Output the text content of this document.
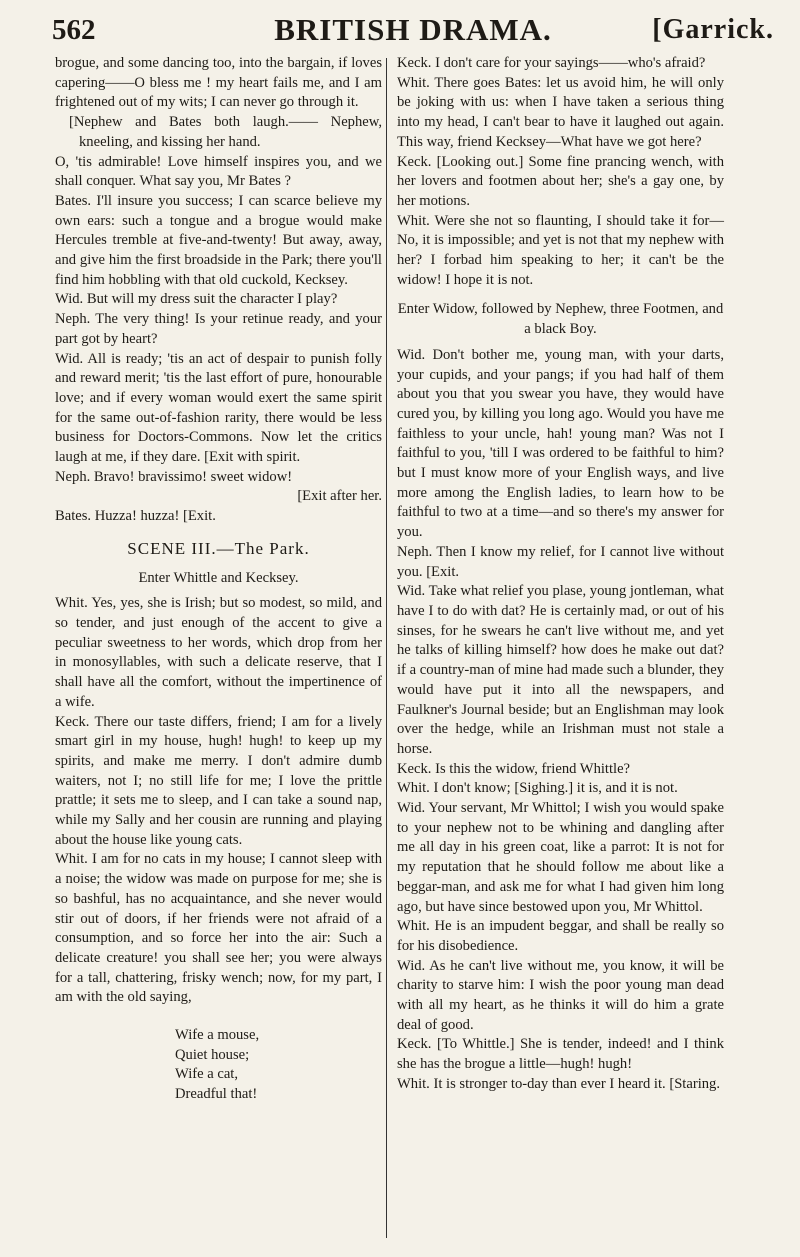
562	BRITISH DRAMA.	[Garrick.

brogue, and some dancing too, into the bargain, if loves capering——O bless me ! my heart fails me, and I am frightened out of my wits; I can never go through it.

[Nephew and Bates both laugh.—— Nephew, kneeling, and kissing her hand.

O, 'tis admirable! Love himself inspires you, and we shall conquer. What say you, Mr Bates ?

Bates. I'll insure you success; I can scarce believe my own ears: such a tongue and a brogue would make Hercules tremble at five-and-twenty! But away, away, and give him the first broadside in the Park; there you'll find him hobbling with that old cuckold, Kecksey.

Wid. But will my dress suit the character I play?

Neph. The very thing! Is your retinue ready, and your part got by heart?

Wid. All is ready; 'tis an act of despair to punish folly and reward merit; 'tis the last effort of pure, honourable love; and if every woman would exert the same spirit for the same out-of-fashion rarity, there would be less business for Doctors-Commons. Now let the critics laugh at me, if they dare. [Exit with spirit.

Neph. Bravo! bravissimo! sweet widow!

[Exit after her.

Bates. Huzza! huzza! [Exit.

SCENE III.—The Park.

Enter Whittle and Kecksey.

Whit. Yes, yes, she is Irish; but so modest, so mild, and so tender, and just enough of the accent to give a peculiar sweetness to her words, which drop from her in monosyllables, with such a delicate reserve, that I shall have all the comfort, without the impertinence of a wife.

Keck. There our taste differs, friend; I am for a lively smart girl in my house, hugh! hugh! to keep up my spirits, and make me merry. I don't admire dumb waiters, not I; no still life for me; I love the prittle prattle; it sets me to sleep, and I can take a sound nap, while my Sally and her cousin are running and playing about the house like young cats.

Whit. I am for no cats in my house; I cannot sleep with a noise; the widow was made on purpose for me; she is so bashful, has no acquaintance, and she never would stir out of doors, if her friends were not afraid of a consumption, and so force her into the air: Such a delicate creature! you shall see her; you were always for a tall, chattering, frisky wench; now, for my part, I am with the old saying,

Wife a mouse,

Quiet house;

Wife a cat,

Dreadful that!

Keck. I don't care for your sayings——who's afraid?

Whit. There goes Bates: let us avoid him, he will only be joking with us: when I have taken a serious thing into my head, I can't bear to have it laughed out again. This way, friend Kecksey—What have we got here?

Keck. [Looking out.] Some fine prancing wench, with her lovers and footmen about her; she's a gay one, by her motions.

Whit. Were she not so flaunting, I should take it for—No, it is impossible; and yet is not that my nephew with her? I forbad him speaking to her; it can't be the widow! I hope it is not.

Enter Widow, followed by Nephew, three Footmen, and a black Boy.

Wid. Don't bother me, young man, with your darts, your cupids, and your pangs; if you had half of them about you that you swear you have, they would have cured you, by killing you long ago. Would you have me faithless to your uncle, hah! young man? Was not I faithful to you, 'till I was ordered to be faithful to him? but I must know more of your English ways, and live more among the English ladies, to learn how to be faithful to two at a time—and so there's my answer for you.

Neph. Then I know my relief, for I cannot live without you. [Exit.

Wid. Take what relief you plase, young jontleman, what have I to do with dat? He is certainly mad, or out of his sinses, for he swears he can't live without me, and yet he talks of killing himself? how does he make out dat? if a country-man of mine had made such a blunder, they would have put it into all the newspapers, and Faulkner's Journal beside; but an Englishman may look over the hedge, while an Irishman must not stale a horse.

Keck. Is this the widow, friend Whittle?

Whit. I don't know; [Sighing.] it is, and it is not.

Wid. Your servant, Mr Whittol; I wish you would spake to your nephew not to be whining and dangling after me all day in his green coat, like a parrot: It is not for my reputation that he should follow me about like a beggar-man, and ask me for what I had given him long ago, but have since bestowed upon you, Mr Whittol.

Whit. He is an impudent beggar, and shall be really so for his disobedience.

Wid. As he can't live without me, you know, it will be charity to starve him: I wish the poor young man dead with all my heart, as he thinks it will do him a grate deal of good.

Keck. [To Whittle.] She is tender, indeed! and I think she has the brogue a little—hugh! hugh!

Whit. It is stronger to-day than ever I heard it. [Staring.
